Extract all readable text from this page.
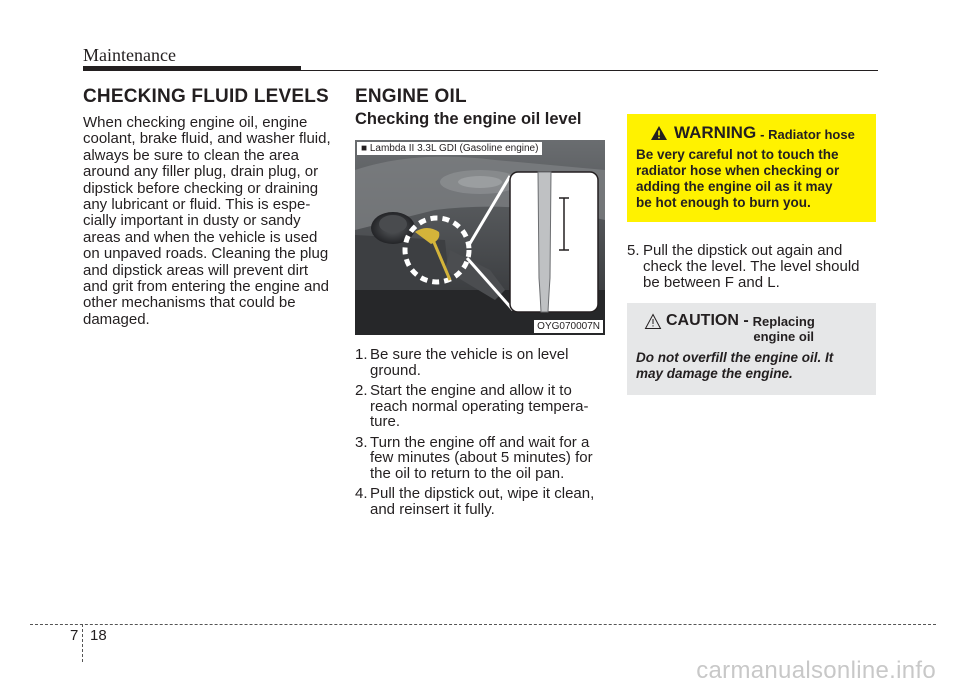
Maintenance
CHECKING FLUID LEVELS
When checking engine oil, engine
coolant, brake fluid, and washer fluid,
always be sure to clean the area
around any filler plug, drain plug, or
dipstick before checking or draining
any lubricant or fluid. This is espe-
cially important in dusty or sandy
areas and when the vehicle is used
on unpaved roads. Cleaning the plug
and dipstick areas will prevent dirt
and grit from entering the engine and
other mechanisms that could be
damaged.
ENGINE OIL
Checking the engine oil level
■ Lambda II 3.3L GDI (Gasoline engine)
OYG070007N
1. Be sure the vehicle is on level
ground.
2. Start the engine and allow it to
reach normal operating tempera-
ture.
3. Turn the engine off and wait for a
few minutes (about 5 minutes) for
the oil to return to the oil pan.
4. Pull the dipstick out, wipe it clean,
and reinsert it fully.
WARNING - Radiator hose
Be very careful not to touch the
radiator hose when checking or
adding the engine oil as it may
be hot enough to burn you.
5. Pull the dipstick out again and
check the level. The level should
be between F and L.
CAUTION - Replacing
engine oil
Do not overfill the engine oil. It
may damage the engine.
7 18
carmanualsonline.info
